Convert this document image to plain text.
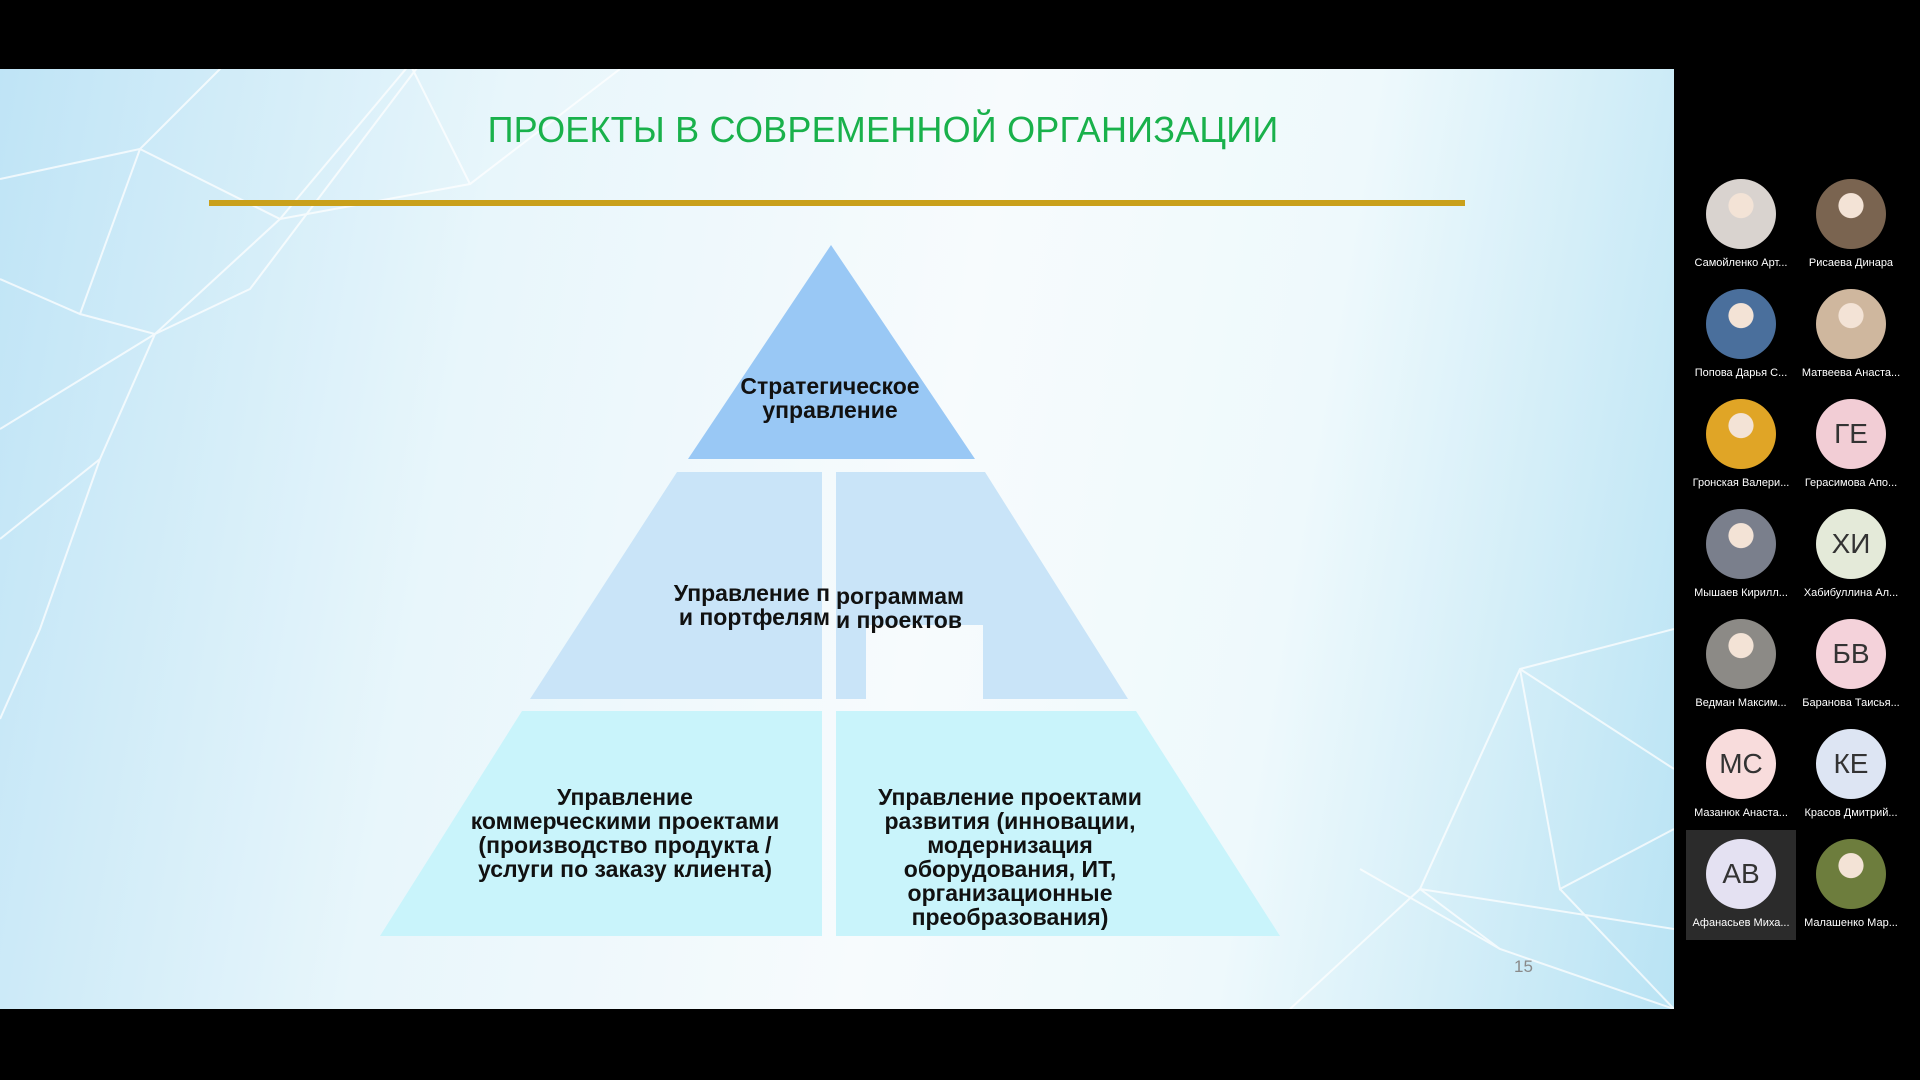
ПРОЕКТЫ В СОВРЕМЕННОЙ ОРГАНИЗАЦИИ
Стратегическое
управление
Управление п
и портфелям
рограммам
и проектов
Управление
коммерческими проектами
(производство продукта /
услуги по заказу клиента)
Управление проектами
развития (инновации,
модернизация
оборудования, ИТ,
организационные
преобразования)
15
Самойленко Арт...	Рисаева Динара
Попова Дарья С...	Матвеева Анаста...
Гронская Валери...
ГЕ
Герасимова Апо...
Мышаев Кирилл...
ХИ
Хабибуллина Ал...
Ведман Максим...
БВ
Баранова Таисья...
МС
Мазанюк Анаста...
КЕ
Красов Дмитрий...
АВ
Афанасьев Миха...	Малашенко Мар...
